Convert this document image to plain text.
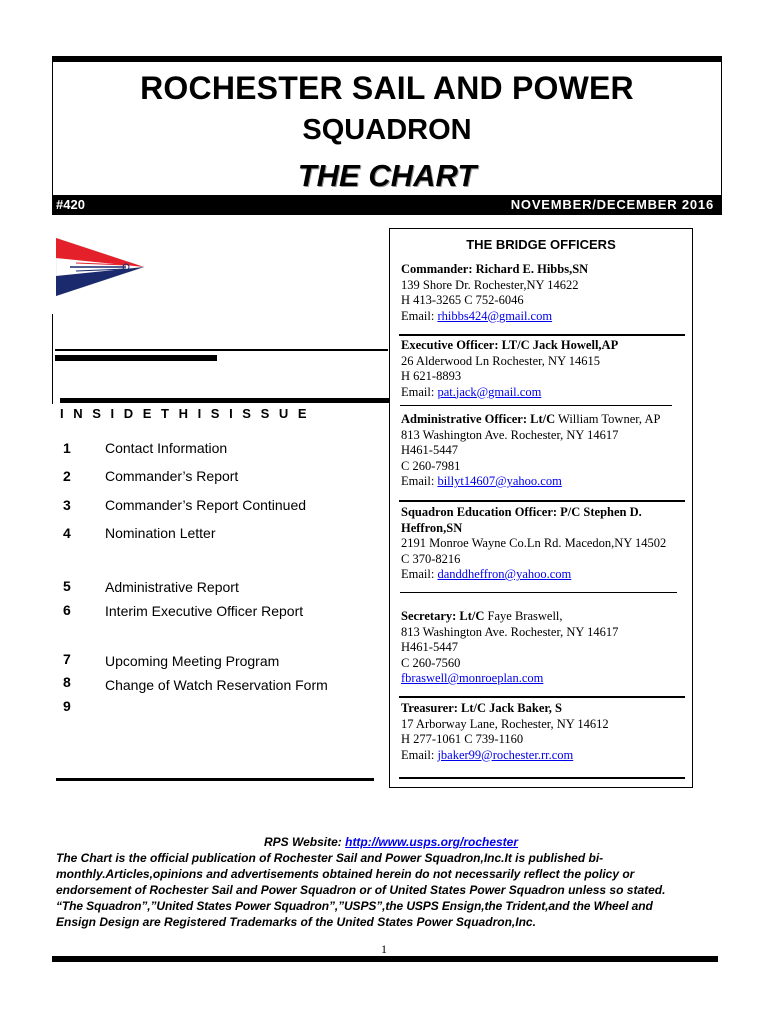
ROCHESTER SAIL AND POWER
SQUADRON
THE CHART
#420	NOVEMBER/DECEMBER 2016
I N S I D E T H I S I S S U E
1 Contact Information
2 Commander’s Report
3 Commander’s Report Continued
4 Nomination Letter
5 Administrative Report
6 Interim Executive Officer Report
7 Upcoming Meeting Program
8 Change of Watch Reservation Form
9
THE BRIDGE OFFICERS
Commander: Richard E. Hibbs,SN
139 Shore Dr. Rochester,NY 14622
H 413-3265 C 752-6046
Email: rhibbs424@gmail.com
Executive Officer: LT/C Jack Howell,AP
26 Alderwood Ln Rochester, NY 14615
H 621-8893
Email: pat.jack@gmail.com
Administrative Officer: Lt/C William Towner, AP
813 Washington Ave. Rochester, NY 14617
H461-5447
C 260-7981
Email: billyt14607@yahoo.com
Squadron Education Officer: P/C Stephen D. Heffron,SN
2191 Monroe Wayne Co.Ln Rd. Macedon,NY 14502
C 370-8216
Email: danddheffron@yahoo.com
Secretary: Lt/C Faye Braswell,
813 Washington Ave. Rochester, NY 14617
H461-5447
C 260-7560
fbraswell@monroeplan.com
Treasurer: Lt/C Jack Baker, S
17 Arborway Lane, Rochester, NY 14612
H 277-1061 C 739-1160
Email: jbaker99@rochester.rr.com
RPS Website: http://www.usps.org/rochester
The Chart is the official publication of Rochester Sail and Power Squadron,Inc.It is published bi-
monthly.Articles,opinions and advertisements obtained herein do not necessarily reflect the policy or
endorsement of Rochester Sail and Power Squadron or of United States Power Squadron unless so stated.
“The Squadron”,”United States Power Squadron”,”USPS”,the USPS Ensign,the Trident,and the Wheel and
Ensign Design are Registered Trademarks of the United States Power Squadron,Inc.
1
